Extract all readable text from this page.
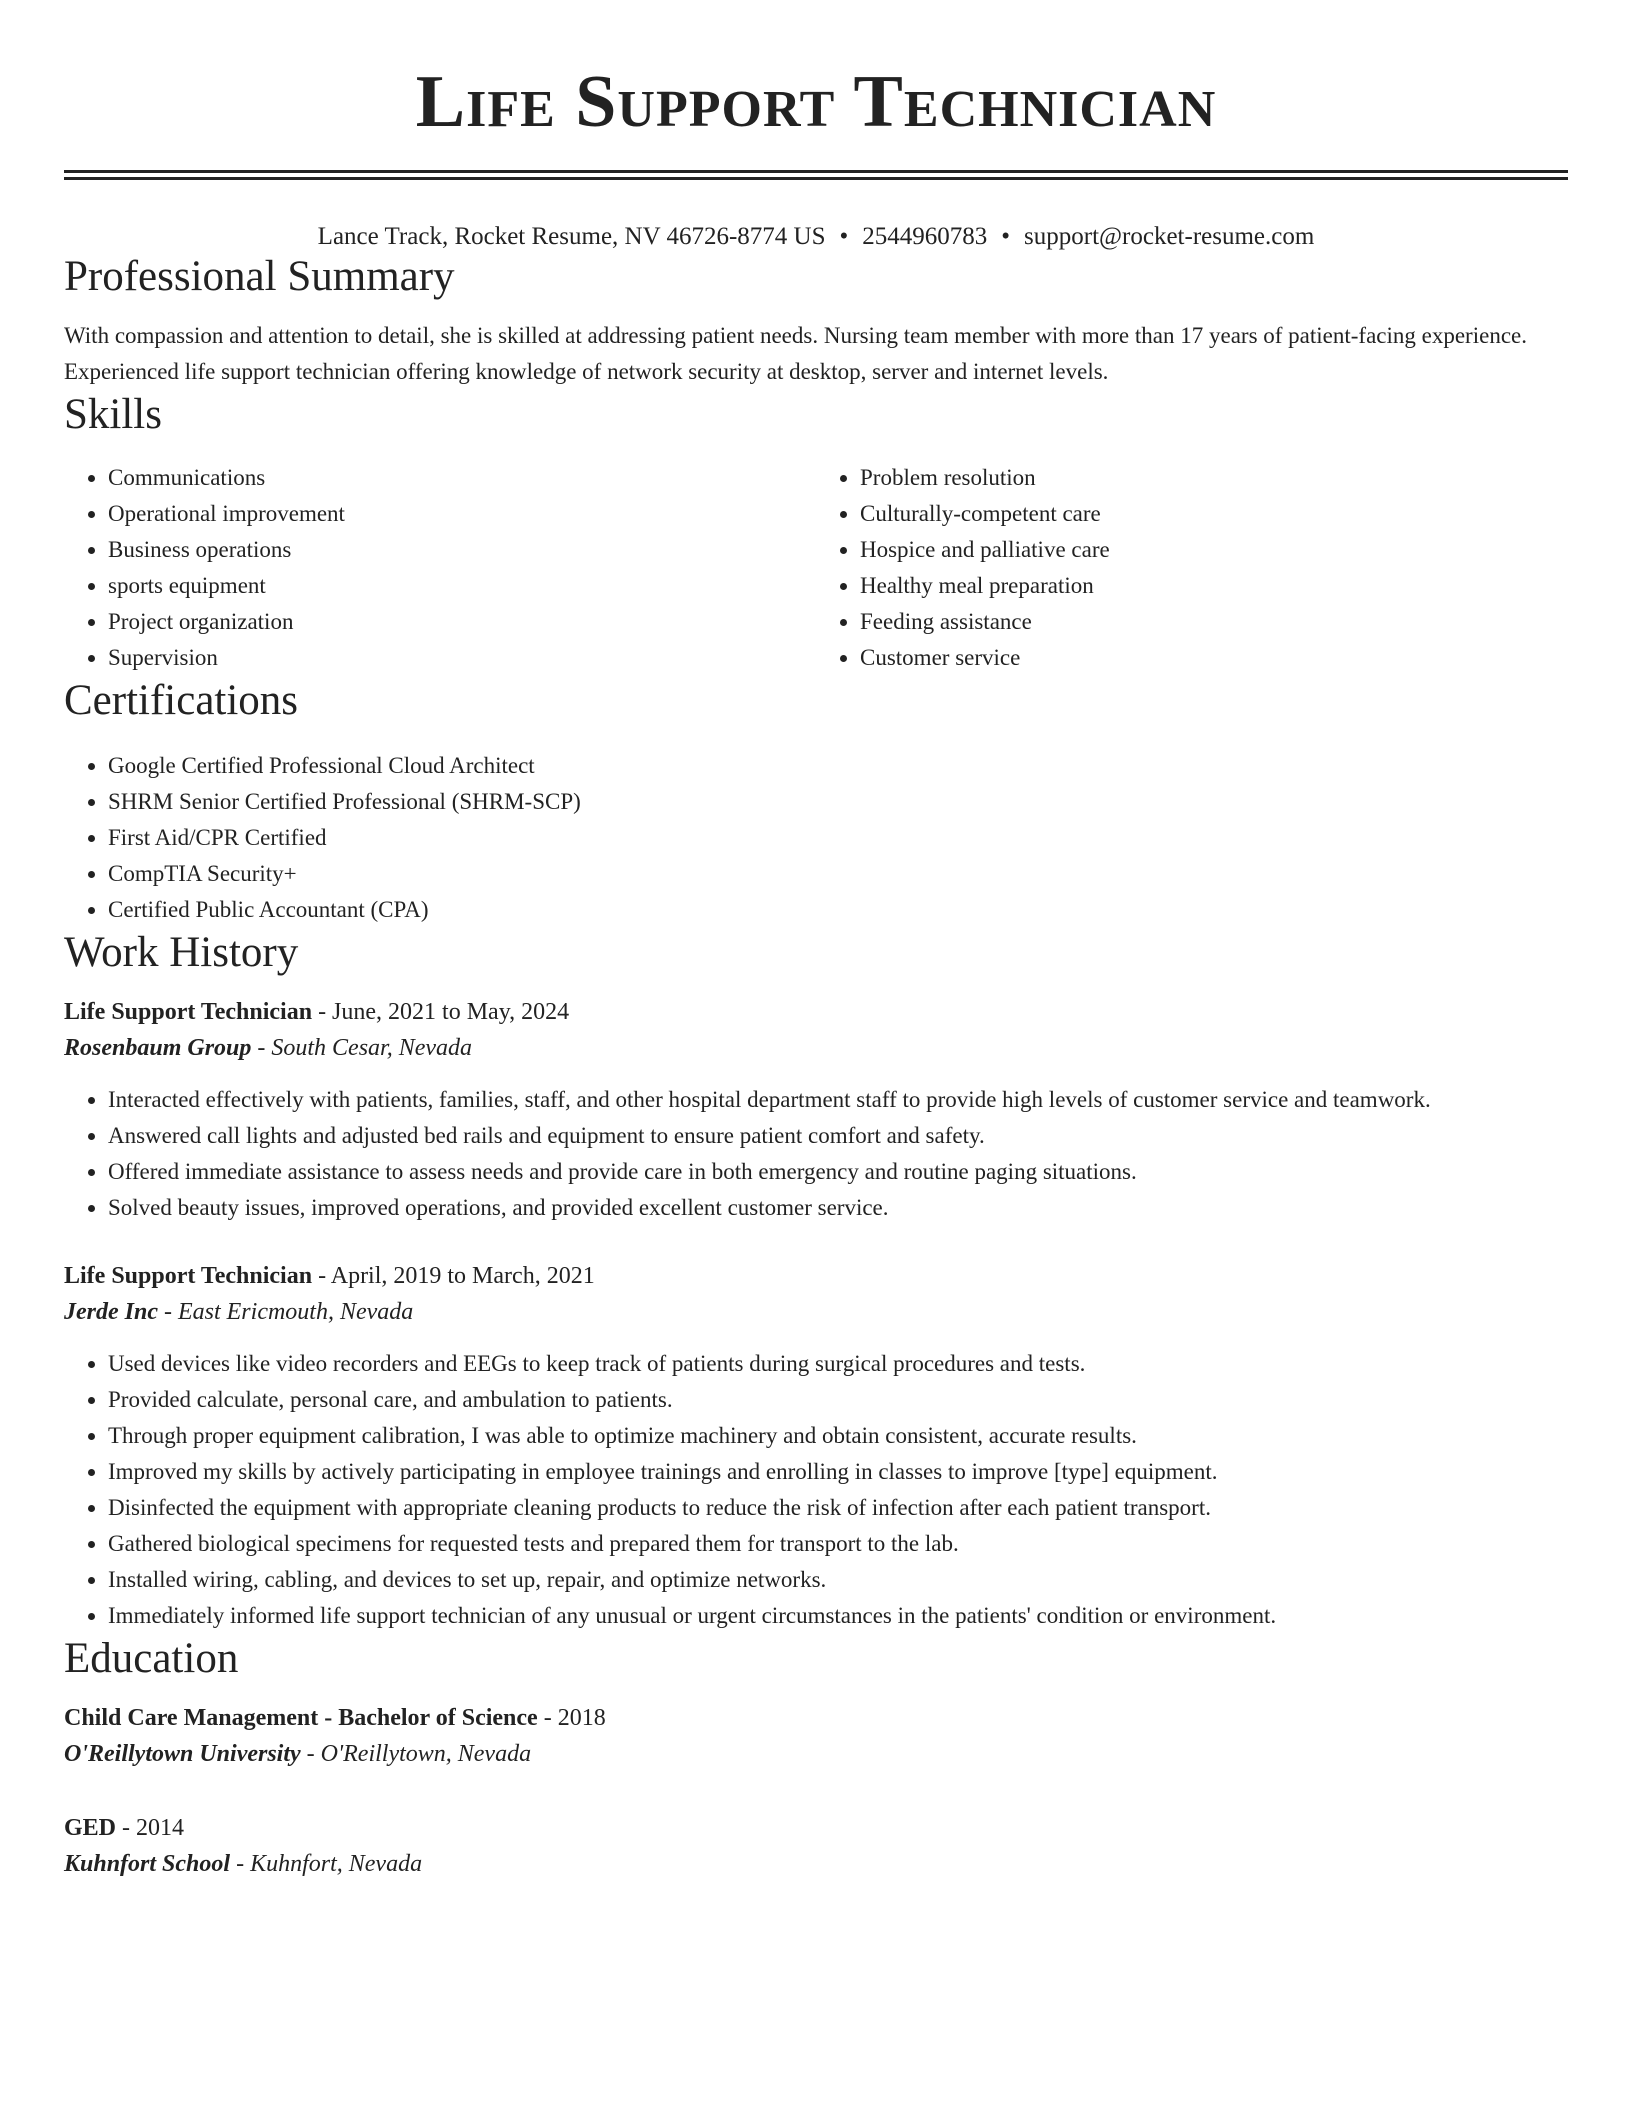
Life Support Technician
Lance Track, Rocket Resume, NV 46726-8774 US • 2544960783 • support@rocket-resume.com
Professional Summary

With compassion and attention to detail, she is skilled at addressing patient needs. Nursing team member with more than 17 years of patient-facing experience. Experienced life support technician offering knowledge of network security at desktop, server and internet levels.

Skills
• Communications
• Operational improvement
• Business operations
• sports equipment
• Project organization
• Supervision
• Problem resolution
• Culturally-competent care
• Hospice and palliative care
• Healthy meal preparation
• Feeding assistance
• Customer service
Certifications
• Google Certified Professional Cloud Architect
• SHRM Senior Certified Professional (SHRM-SCP)
• First Aid/CPR Certified
• CompTIA Security+
• Certified Public Accountant (CPA)
Work History
Life Support Technician - June, 2021 to May, 2024
Rosenbaum Group - South Cesar, Nevada
• Interacted effectively with patients, families, staff, and other hospital department staff to provide high levels of customer service and teamwork.
• Answered call lights and adjusted bed rails and equipment to ensure patient comfort and safety.
• Offered immediate assistance to assess needs and provide care in both emergency and routine paging situations.
• Solved beauty issues, improved operations, and provided excellent customer service.
Life Support Technician - April, 2019 to March, 2021
Jerde Inc - East Ericmouth, Nevada
• Used devices like video recorders and EEGs to keep track of patients during surgical procedures and tests.
• Provided calculate, personal care, and ambulation to patients.
• Through proper equipment calibration, I was able to optimize machinery and obtain consistent, accurate results.
• Improved my skills by actively participating in employee trainings and enrolling in classes to improve [type] equipment.
• Disinfected the equipment with appropriate cleaning products to reduce the risk of infection after each patient transport.
• Gathered biological specimens for requested tests and prepared them for transport to the lab.
• Installed wiring, cabling, and devices to set up, repair, and optimize networks.
• Immediately informed life support technician of any unusual or urgent circumstances in the patients' condition or environment.
Education
Child Care Management - Bachelor of Science - 2018
O'Reillytown University - O'Reillytown, Nevada
GED - 2014
Kuhnfort School - Kuhnfort, Nevada
